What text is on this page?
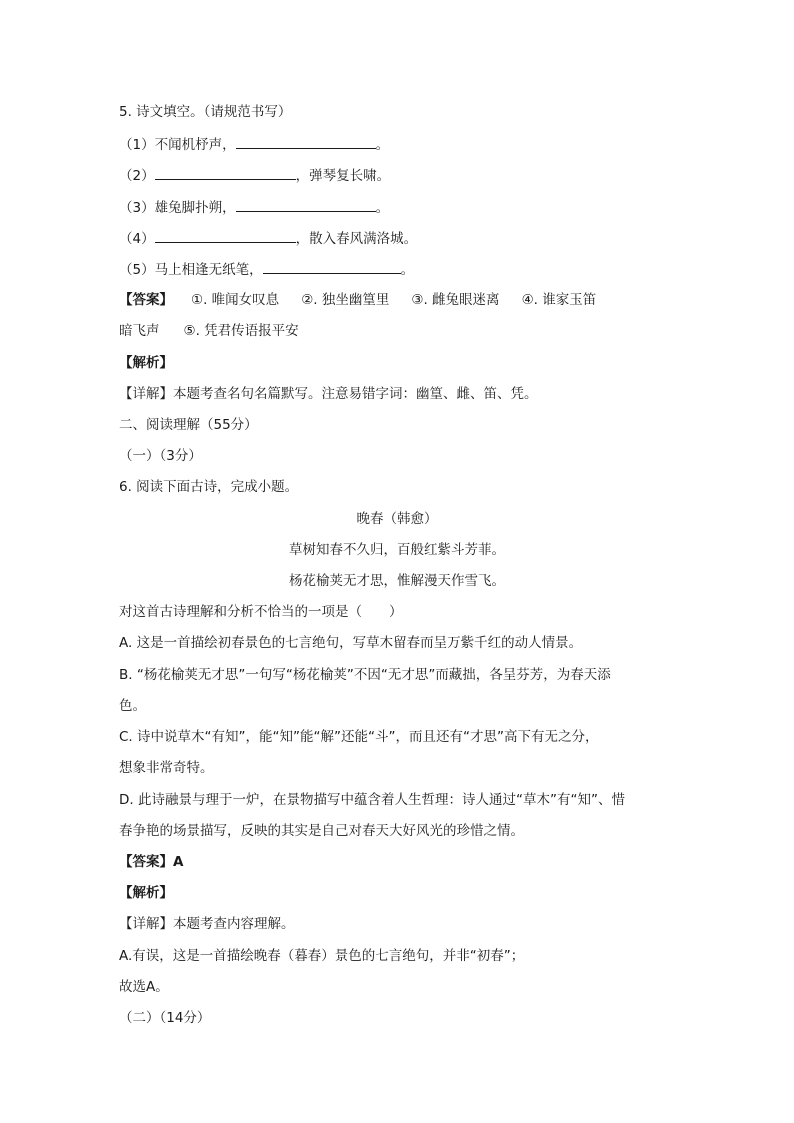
5. 诗文填空。（请规范书写）
（1）不闻机杼声，	。
（2）	，弹琴复长啸。
（3）雄兔脚扑朔，	。
（4）	，散入春风满洛城。
（5）马上相逢无纸笔，	。
【答案】 ①. 唯闻女叹息 ②. 独坐幽篁里 ③. 雌兔眼迷离 ④. 谁家玉笛
暗飞声 ⑤. 凭君传语报平安
【解析】
【详解】本题考查名句名篇默写。注意易错字词：幽篁、雌、笛、凭。
二、阅读理解（55分）
（一）（3分）
6. 阅读下面古诗，完成小题。
晚春（韩愈）
草树知春不久归，百般红紫斗芳菲。
杨花榆荚无才思，惟解漫天作雪飞。
对这首古诗理解和分析不恰当的一项是（　　）
A. 这是一首描绘初春景色的七言绝句，写草木留春而呈万紫千红的动人情景。
B. “杨花榆荚无才思”一句写“杨花榆荚”不因“无才思”而藏拙，各呈芬芳，为春天添
色。
C. 诗中说草木“有知”，能“知”能“解”还能“斗”，而且还有“才思”高下有无之分，
想象非常奇特。
D. 此诗融景与理于一炉，在景物描写中蕴含着人生哲理：诗人通过“草木”有“知”、惜
春争艳的场景描写，反映的其实是自己对春天大好风光的珍惜之情。
【答案】A
【解析】
【详解】本题考查内容理解。
A.有误，这是一首描绘晚春（暮春）景色的七言绝句，并非“初春”；
故选A。
（二）（14分）
